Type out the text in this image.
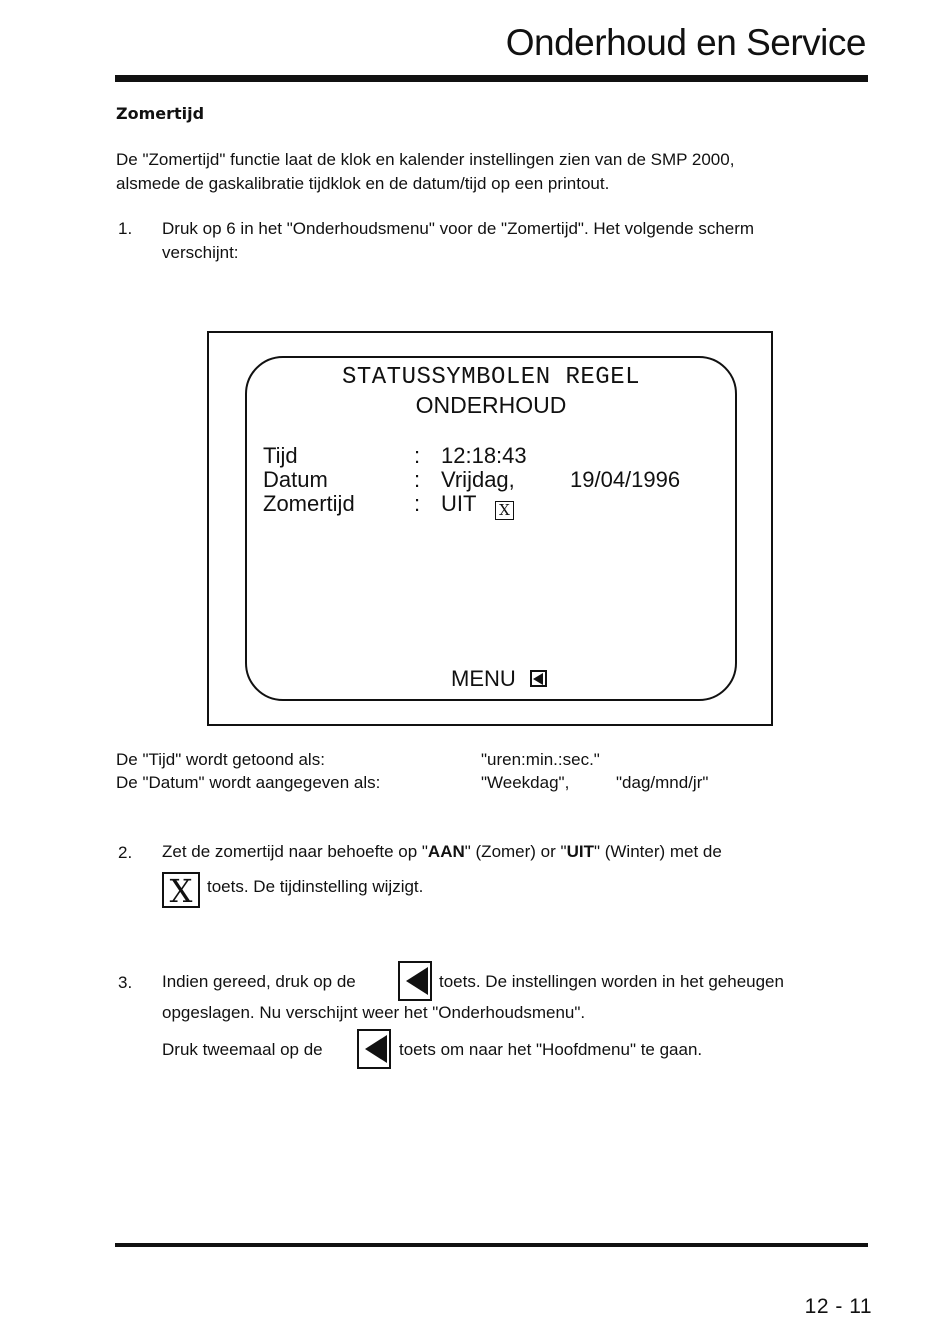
Onderhoud en Service
Zomertijd
De "Zomertijd" functie laat de klok en kalender instellingen zien van de SMP 2000,
alsmede de gaskalibratie tijdklok en de datum/tijd op een printout.
1. Druk op 6 in het "Onderhoudsmenu" voor de "Zomertijd". Het volgende scherm
verschijnt:
STATUSSYMBOLEN REGEL
ONDERHOUD
Tijd	: 12:18:43
Datum	: Vrijdag,	19/04/1996
Zomertijd	: UIT X
MENU
De "Tijd" wordt getoond als:	"uren:min.:sec."
De "Datum" wordt aangegeven als:	"Weekdag",	"dag/mnd/jr"
2. Zet de zomertijd naar behoefte op "AAN" (Zomer) or "UIT" (Winter) met de
X toets. De tijdinstelling wijzigt.
3. Indien gereed, druk op de	toets. De instellingen worden in het geheugen
opgeslagen. Nu verschijnt weer het "Onderhoudsmenu".
Druk tweemaal op de	toets om naar het "Hoofdmenu" te gaan.
12 - 11
